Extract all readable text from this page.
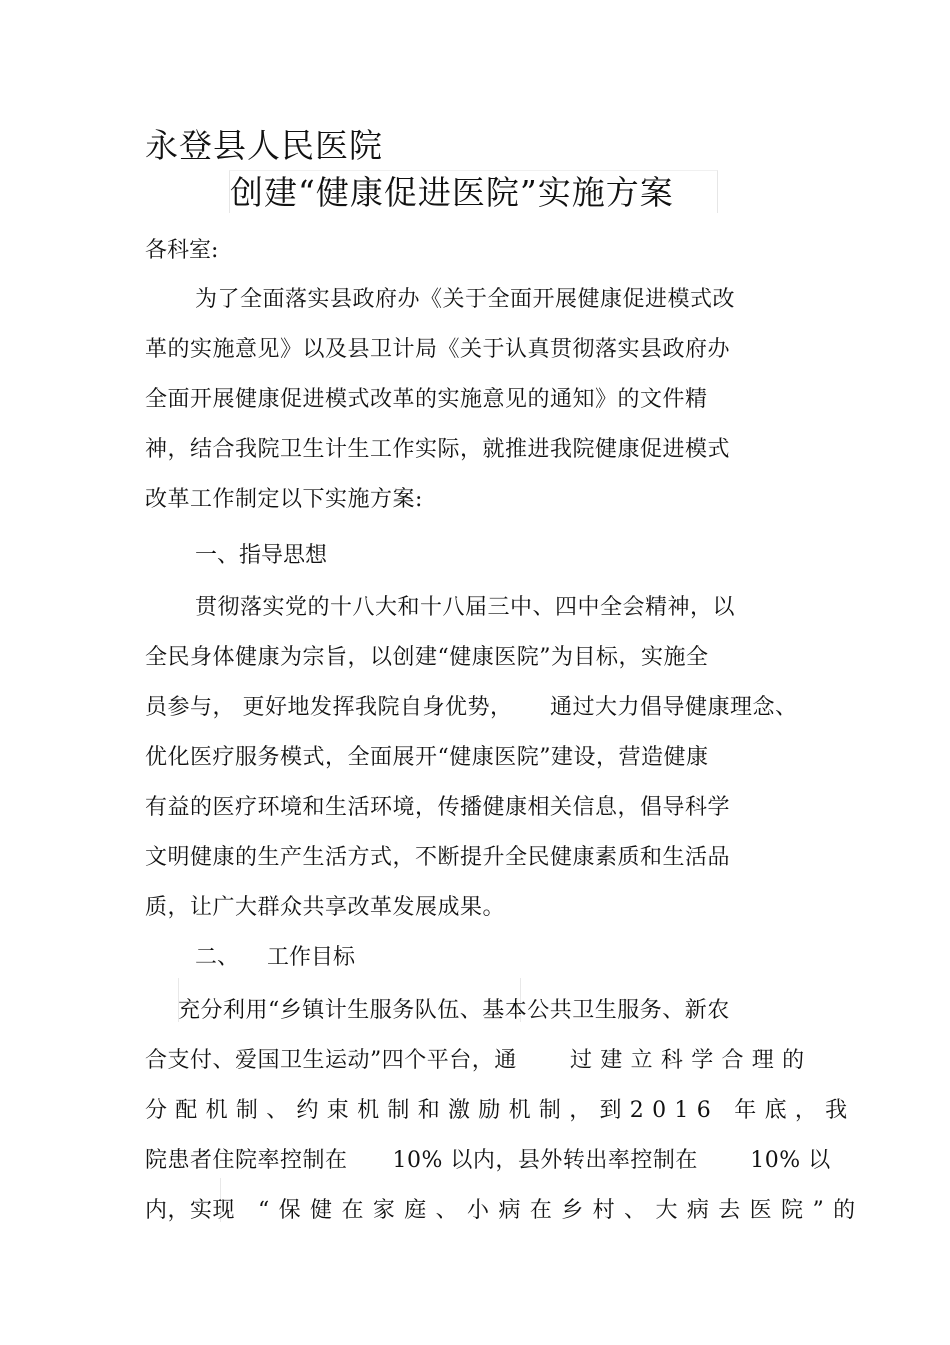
永登县人民医院
创建“健康促进医院”实施方案
各科室:
为了全面落实县政府办《关于全面开展健康促进模式改
革的实施意见》以及县卫计局《关于认真贯彻落实县政府办
全面开展健康促进模式改革的实施意见的通知》的文件精
神，结合我院卫生计生工作实际，就推进我院健康促进模式
改革工作制定以下实施方案:
一、指导思想
贯彻落实党的十八大和十八届三中、四中全会精神，以
全民身体健康为宗旨，以创建“健康医院”为目标，实施全
员参与， 更好地发挥我院自身优势，     通过大力倡导健康理念、
优化医疗服务模式，全面展开“健康医院”建设，营造健康
有益的医疗环境和生活环境，传播健康相关信息，倡导科学
文明健康的生产生活方式，不断提升全民健康素质和生活品
质，让广大群众共享改革发展成果。
二、    工作目标
充分利用“乡镇计生服务队伍、基本公共卫生服务、新农
合支付、爱国卫生运动”四个平台，通 过建立科学合理的
分配机制、约束机制和激励机制，到2016 年底，我
院患者住院率控制在      10% 以内，县外转出率控制在       10% 以
内，实现 “保健在家庭、小病在乡村、大病去医院”的
